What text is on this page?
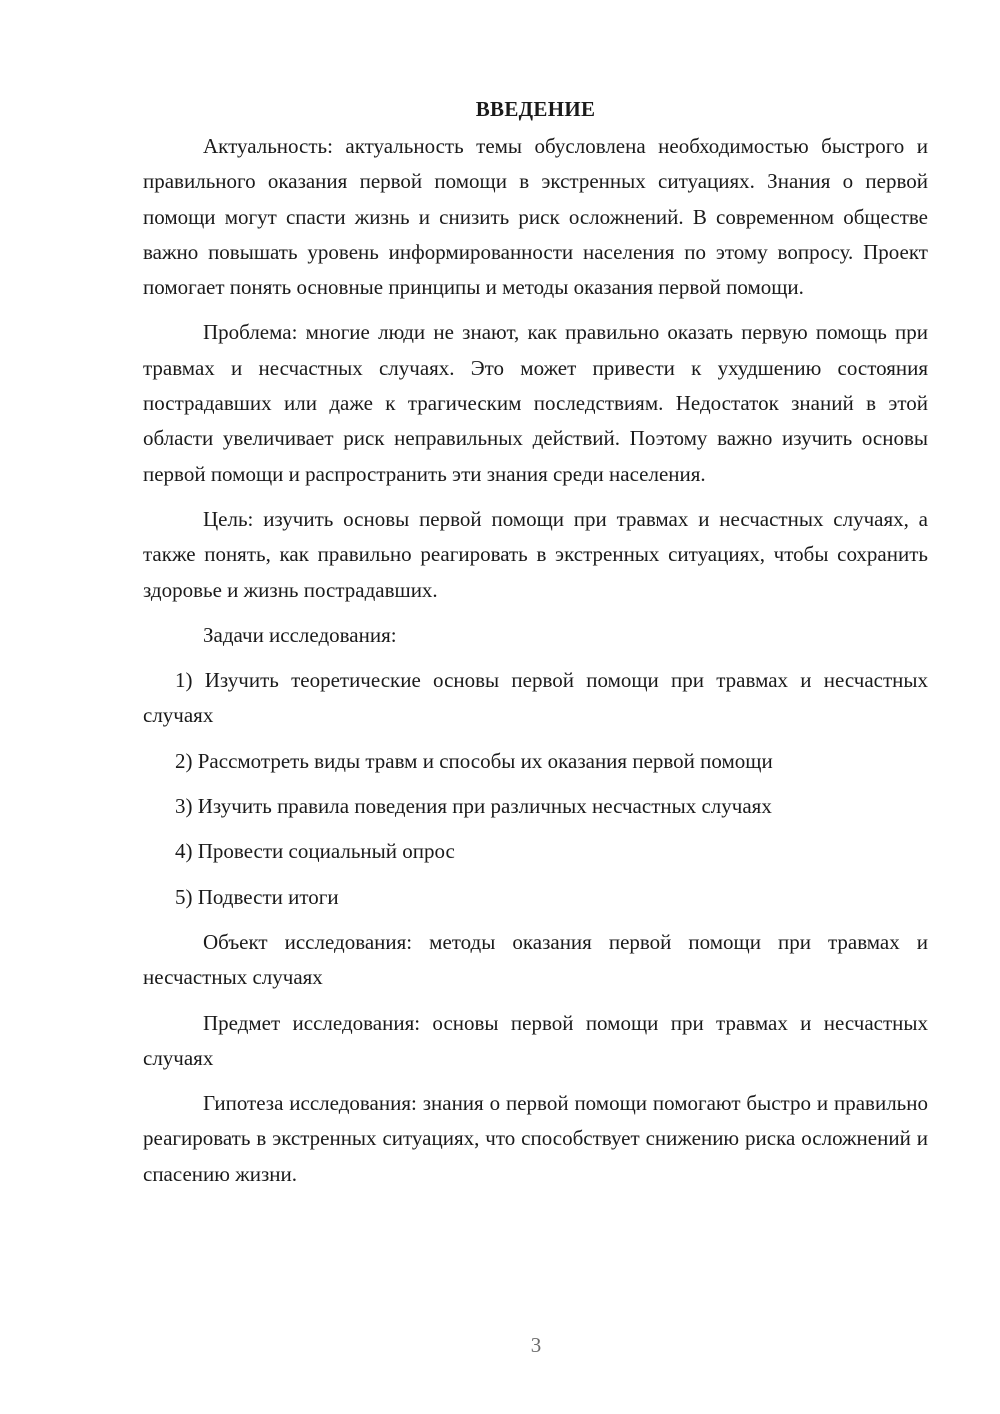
ВВЕДЕНИЕ

Актуальность: актуальность темы обусловлена необходимостью быстрого и правильного оказания первой помощи в экстренных ситуациях. Знания о первой помощи могут спасти жизнь и снизить риск осложнений. В современном обществе важно повышать уровень информированности населения по этому вопросу. Проект помогает понять основные принципы и методы оказания первой помощи.

Проблема: многие люди не знают, как правильно оказать первую помощь при травмах и несчастных случаях. Это может привести к ухудшению состояния пострадавших или даже к трагическим последствиям. Недостаток знаний в этой области увеличивает риск неправильных действий. Поэтому важно изучить основы первой помощи и распространить эти знания среди населения.

Цель: изучить основы первой помощи при травмах и несчастных случаях, а также понять, как правильно реагировать в экстренных ситуациях, чтобы сохранить здоровье и жизнь пострадавших.

Задачи исследования:

1) Изучить теоретические основы первой помощи при травмах и несчастных случаях

2) Рассмотреть виды травм и способы их оказания первой помощи

3) Изучить правила поведения при различных несчастных случаях

4) Провести социальный опрос

5) Подвести итоги

Объект исследования: методы оказания первой помощи при травмах и несчастных случаях

Предмет исследования: основы первой помощи при травмах и несчастных случаях

Гипотеза исследования: знания о первой помощи помогают быстро и правильно реагировать в экстренных ситуациях, что способствует снижению риска осложнений и спасению жизни.

3
